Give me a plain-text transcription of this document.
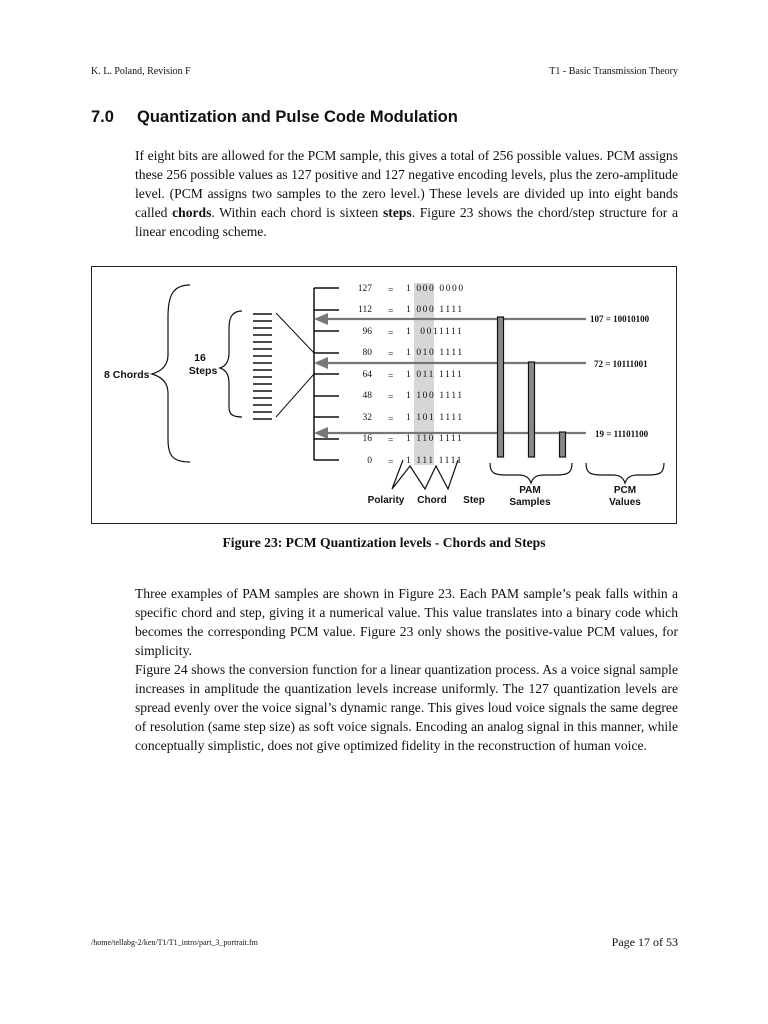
K. L. Poland, Revision F	T1 - Basic Transmission Theory
7.0 Quantization and Pulse Code Modulation
If eight bits are allowed for the PCM sample, this gives a total of 256 possible values. PCM assigns these 256 possible values as 127 positive and 127 negative encoding levels, plus the zero-amplitude level. (PCM assigns two samples to the zero level.) These levels are divided up into eight bands called chords. Within each chord is sixteen steps. Figure 23 shows the chord/step structure for a linear encoding scheme.
8 Chords
16
Steps
127
112
96
80
64
48
32
16
0
=
=
=
=
=
=
=
=
=
1 000 0000
1 000 1111
1  0011111
1 010 1111
1 011 1111
1 100 1111
1 101 1111
1 110 1111
1 111 1111
107 = 10010100
72 = 10111001
19 = 11101100
Polarity Chord Step
PAM
Samples
PCM
Values
Figure 23: PCM Quantization levels - Chords and Steps
Three examples of PAM samples are shown in Figure 23. Each PAM sample’s peak falls within a specific chord and step, giving it a numerical value. This value translates into a binary code which becomes the corresponding PCM value. Figure 23 only shows the positive-value PCM values, for simplicity.
Figure 24 shows the conversion function for a linear quantization process. As a voice signal sample increases in amplitude the quantization levels increase uniformly. The 127 quantization levels are spread evenly over the voice signal’s dynamic range. This gives loud voice signals the same degree of resolution (same step size) as soft voice signals. Encoding an analog signal in this manner, while conceptually simplistic, does not give optimized fidelity in the reconstruction of human voice.
/home/tellabg-2/ken/T1/T1_intro/part_3_portrait.fm	Page 17 of 53
